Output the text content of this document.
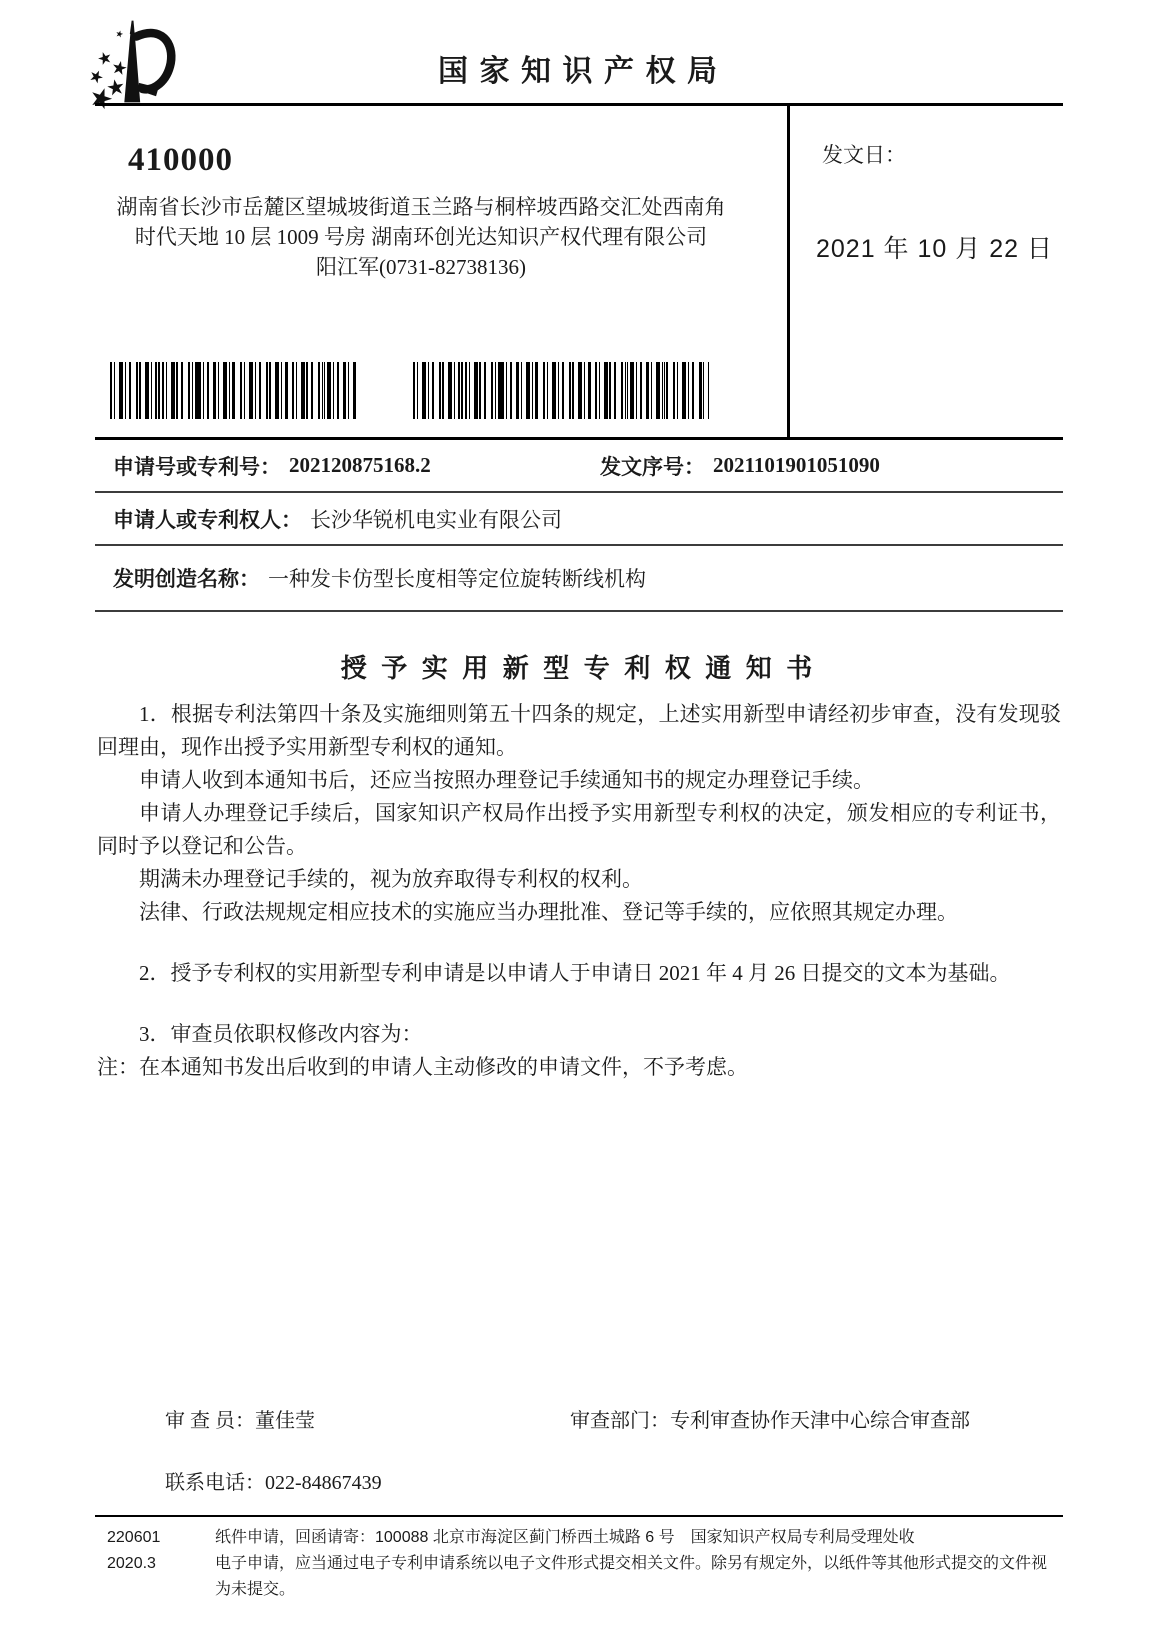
国 家 知 识 产 权 局
410000
湖南省长沙市岳麓区望城坡街道玉兰路与桐梓坡西路交汇处西南角
时代天地 10 层 1009 号房 湖南环创光达知识产权代理有限公司
阳江军(0731-82738136)
发文日：
2021 年 10 月 22 日
申请号或专利号： 202120875168.2	发文序号： 2021101901051090
申请人或专利权人： 长沙华锐机电实业有限公司
发明创造名称： 一种发卡仿型长度相等定位旋转断线机构
授 予 实 用 新 型 专 利 权 通 知 书

1．根据专利法第四十条及实施细则第五十四条的规定，上述实用新型申请经初步审查，没有发现驳回理由，现作出授予实用新型专利权的通知。

申请人收到本通知书后，还应当按照办理登记手续通知书的规定办理登记手续。

申请人办理登记手续后，国家知识产权局作出授予实用新型专利权的决定，颁发相应的专利证书，同时予以登记和公告。

期满未办理登记手续的，视为放弃取得专利权的权利。

法律、行政法规规定相应技术的实施应当办理批准、登记等手续的，应依照其规定办理。

2．授予专利权的实用新型专利申请是以申请人于申请日 2021 年 4 月 26 日提交的文本为基础。

3．审查员依职权修改内容为：

注：在本通知书发出后收到的申请人主动修改的申请文件，不予考虑。

审 查 员：董佳莹	审查部门：专利审查协作天津中心综合审查部
联系电话：022-84867439
220601
2020.3
纸件申请，回函请寄：100088 北京市海淀区蓟门桥西土城路 6 号　国家知识产权局专利局受理处收
电子申请，应当通过电子专利申请系统以电子文件形式提交相关文件。除另有规定外，以纸件等其他形式提交的文件视为未提交。
